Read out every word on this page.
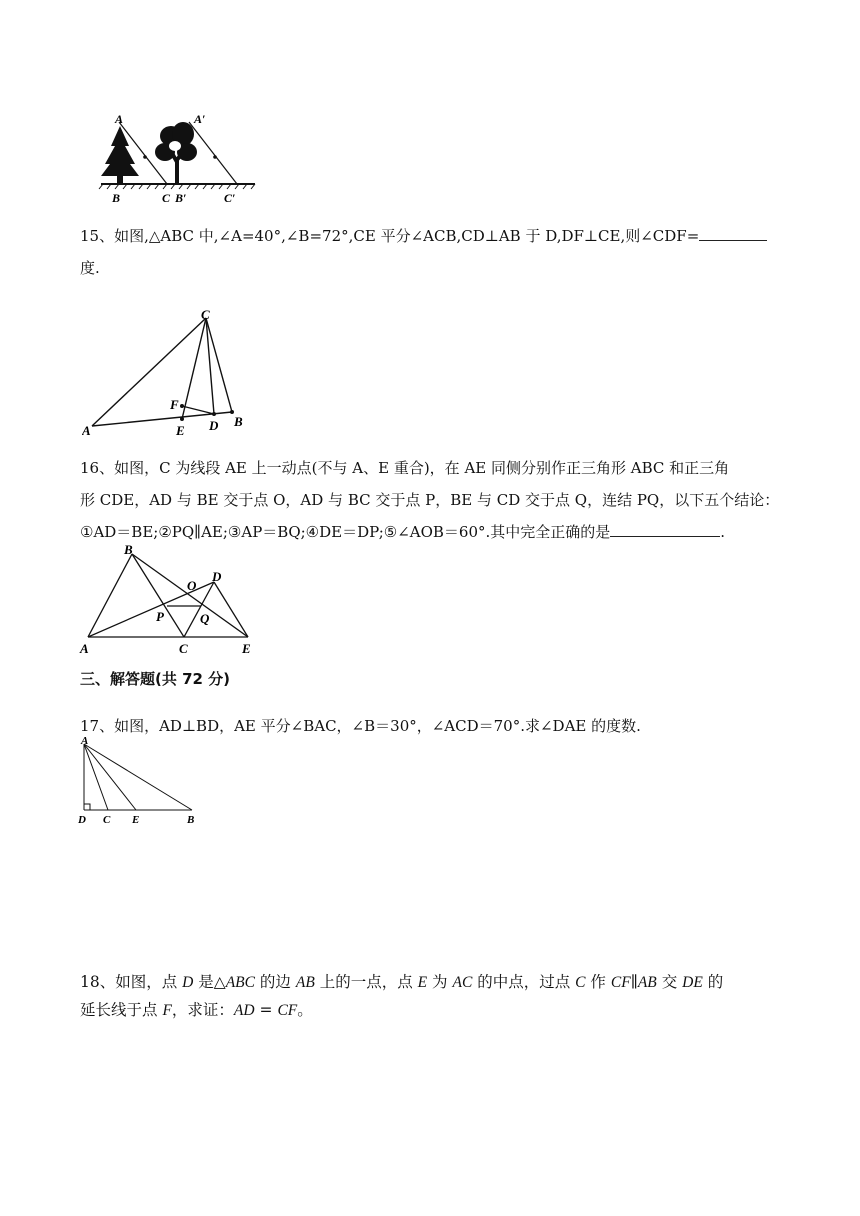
A	A′
B	C B′	C′
15、如图,△ABC 中,∠A=40°,∠B=72°,CE 平分∠ACB,CD⊥AB 于 D,DF⊥CE,则∠CDF=
度.
A
B
C
D
E
F
16、如图，C 为线段 AE 上一动点(不与 A、E 重合)，在 AE 同侧分别作正三角形 ABC 和正三角
形 CDE，AD 与 BE 交于点 O，AD 与 BC 交于点 P，BE 与 CD 交于点 Q，连结 PQ，以下五个结论：
①AD＝BE;②PQ∥AE;③AP＝BQ;④DE＝DP;⑤∠AOB＝60°.其中完全正确的是	.
A
B
C
D
E
O
P	Q
三、解答题(共 72 分)
17、如图，AD⊥BD，AE 平分∠BAC，∠B＝30°，∠ACD＝70°.求∠DAE 的度数.
A
D C E	B
18、如图，点 D 是△ABC 的边 AB 上的一点，点 E 为 AC 的中点，过点 C 作 CF∥AB 交 DE 的
延长线于点 F，求证：AD = CF。
